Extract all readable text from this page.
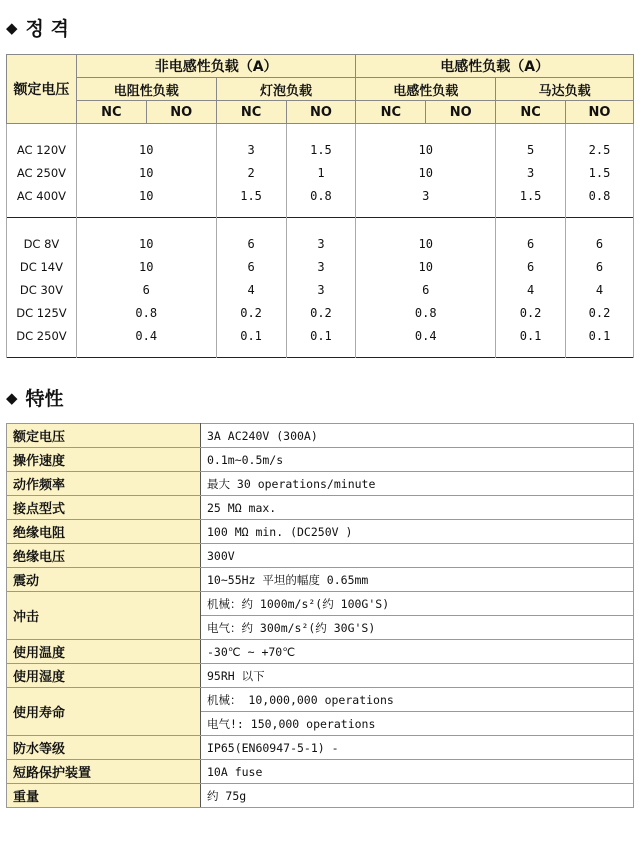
◆ 정 격
额定电压	非电感性负载（A）				电感性负载（A）			
	电阻性负载		灯泡负载		电感性负载		马达负载	
	NC	NO	NC	NO	NC	NO	NC	NO
AC 120V	10		3	1.5	10		5	2.5
AC 250V	10		2	1	10		3	1.5
AC 400V	10		1.5	0.8	3		1.5	0.8
DC 8V	10		6	3	10		6	6
DC 14V	10		6	3	10		6	6
DC 30V	6		4	3	6		4	4
DC 125V	0.8		0.2	0.2	0.8		0.2	0.2
DC 250V	0.4		0.1	0.1	0.4		0.1	0.1
◆ 特性
额定电压	3A AC240V (300A)
操作速度	0.1m~0.5m/s
动作频率	最大 30 operations/minute
接点型式	25 MΩ max.
绝缘电阻	100 MΩ min. (DC250V )
绝缘电压	300V
震动	10~55Hz 平坦的幅度 0.65mm
冲击	机械：约 1000m/s²(约 100G'S)
	电气：约 300m/s²(约 30G'S)
使用温度	-30℃ ~ +70℃
使用湿度	95RH 以下
使用寿命	机械： 10,000,000 operations
	电气!: 150,000 operations
防水等级	IP65(EN60947-5-1) -
短路保护装置	10A fuse
重量	约 75g
